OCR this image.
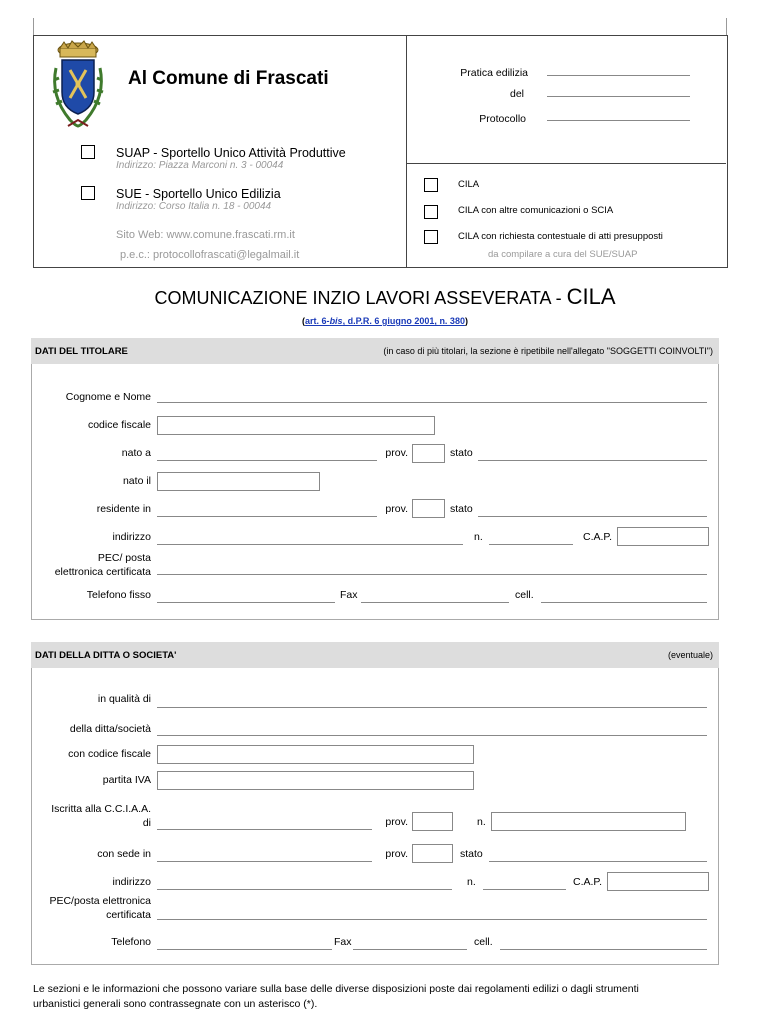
Al Comune di Frascati
SUAP - Sportello Unico Attività Produttive
Indirizzo: Piazza Marconi n. 3 - 00044
SUE - Sportello Unico Edilizia
Indirizzo: Corso Italia n. 18 - 00044
Sito Web: www.comune.frascati.rm.it
p.e.c.: protocollofrascati@legalmail.it
Pratica edilizia
del
Protocollo
CILA
CILA con altre comunicazioni o SCIA
CILA con richiesta contestuale di atti presupposti
da compilare a cura del SUE/SUAP
COMUNICAZIONE INZIO LAVORI ASSEVERATA - CILA
(art. 6-bis, d.P.R. 6 giugno 2001, n. 380)
DATI DEL TITOLARE	(in caso di più titolari, la sezione è ripetibile nell'allegato "SOGGETTI COINVOLTI")
Cognome e Nome
codice fiscale
nato a	prov.	stato
nato il
residente in	prov.	stato
indirizzo	n.	C.A.P.
PEC/ posta
elettronica certificata
Telefono fisso	Fax	cell.
DATI DELLA DITTA O SOCIETA'	(eventuale)
in qualità di
della ditta/società
con codice fiscale
partita IVA
Iscritta alla C.C.I.A.A.
di	prov.	n.
con sede in	prov.	stato
indirizzo	n.	C.A.P.
PEC/posta elettronica
certificata
Telefono	Fax	cell.
Le sezioni e le informazioni che possono variare sulla base delle diverse disposizioni poste dai regolamenti edilizi o dagli strumenti urbanistici generali sono contrassegnate con un asterisco (*).
